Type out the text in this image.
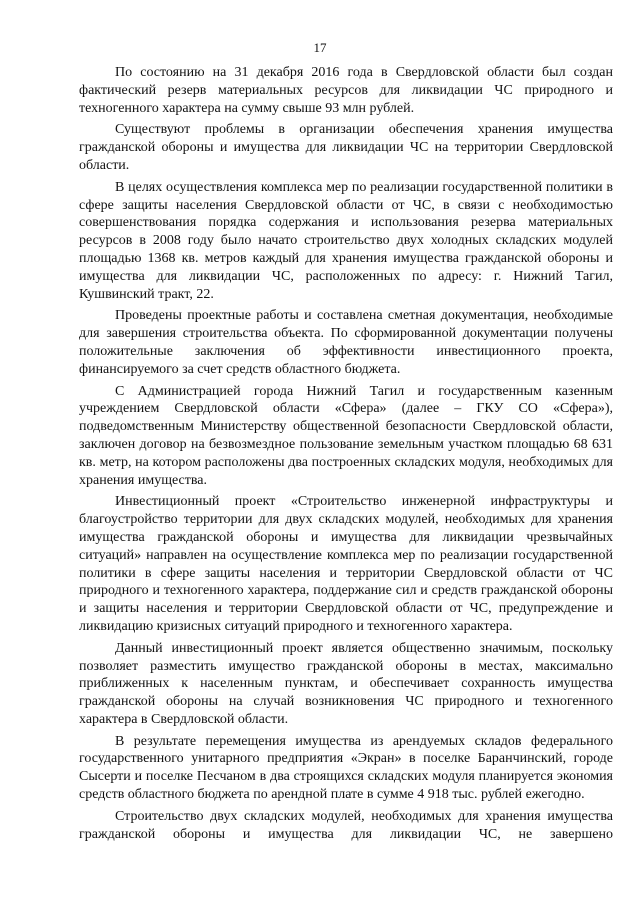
17

По состоянию на 31 декабря 2016 года в Свердловской области был создан фактический резерв материальных ресурсов для ликвидации ЧС природного и техногенного характера на сумму свыше 93 млн рублей.

Существуют проблемы в организации обеспечения хранения имущества гражданской обороны и имущества для ликвидации ЧС на территории Свердловской области.

В целях осуществления комплекса мер по реализации государственной политики в сфере защиты населения Свердловской области от ЧС, в связи с необходимостью совершенствования порядка содержания и использования резерва материальных ресурсов в 2008 году было начато строительство двух холодных складских модулей площадью 1368 кв. метров каждый для хранения имущества гражданской обороны и имущества для ликвидации ЧС, расположенных по адресу: г. Нижний Тагил, Кушвинский тракт, 22.

Проведены проектные работы и составлена сметная документация, необходимые для завершения строительства объекта. По сформированной документации получены положительные заключения об эффективности инвестиционного проекта, финансируемого за счет средств областного бюджета.

С Администрацией города Нижний Тагил и государственным казенным учреждением Свердловской области «Сфера» (далее – ГКУ СО «Сфера»), подведомственным Министерству общественной безопасности Свердловской области, заключен договор на безвозмездное пользование земельным участком площадью 68 631 кв. метр, на котором расположены два построенных складских модуля, необходимых для хранения имущества.

Инвестиционный проект «Строительство инженерной инфраструктуры и благоустройство территории для двух складских модулей, необходимых для хранения имущества гражданской обороны и имущества для ликвидации чрезвычайных ситуаций» направлен на осуществление комплекса мер по реализации государственной политики в сфере защиты населения и территории Свердловской области от ЧС природного и техногенного характера, поддержание сил и средств гражданской обороны и защиты населения и территории Свердловской области от ЧС, предупреждение и ликвидацию кризисных ситуаций природного и техногенного характера.

Данный инвестиционный проект является общественно значимым, поскольку позволяет разместить имущество гражданской обороны в местах, максимально приближенных к населенным пунктам, и обеспечивает сохранность имущества гражданской обороны на случай возникновения ЧС природного и техногенного характера в Свердловской области.

В результате перемещения имущества из арендуемых складов федерального государственного унитарного предприятия «Экран» в поселке Баранчинский, городе Сысерти и поселке Песчаном в два строящихся складских модуля планируется экономия средств областного бюджета по арендной плате в сумме 4 918 тыс. рублей ежегодно.

Строительство двух складских модулей, необходимых для хранения имущества гражданской обороны и имущества для ликвидации ЧС, не завершено
